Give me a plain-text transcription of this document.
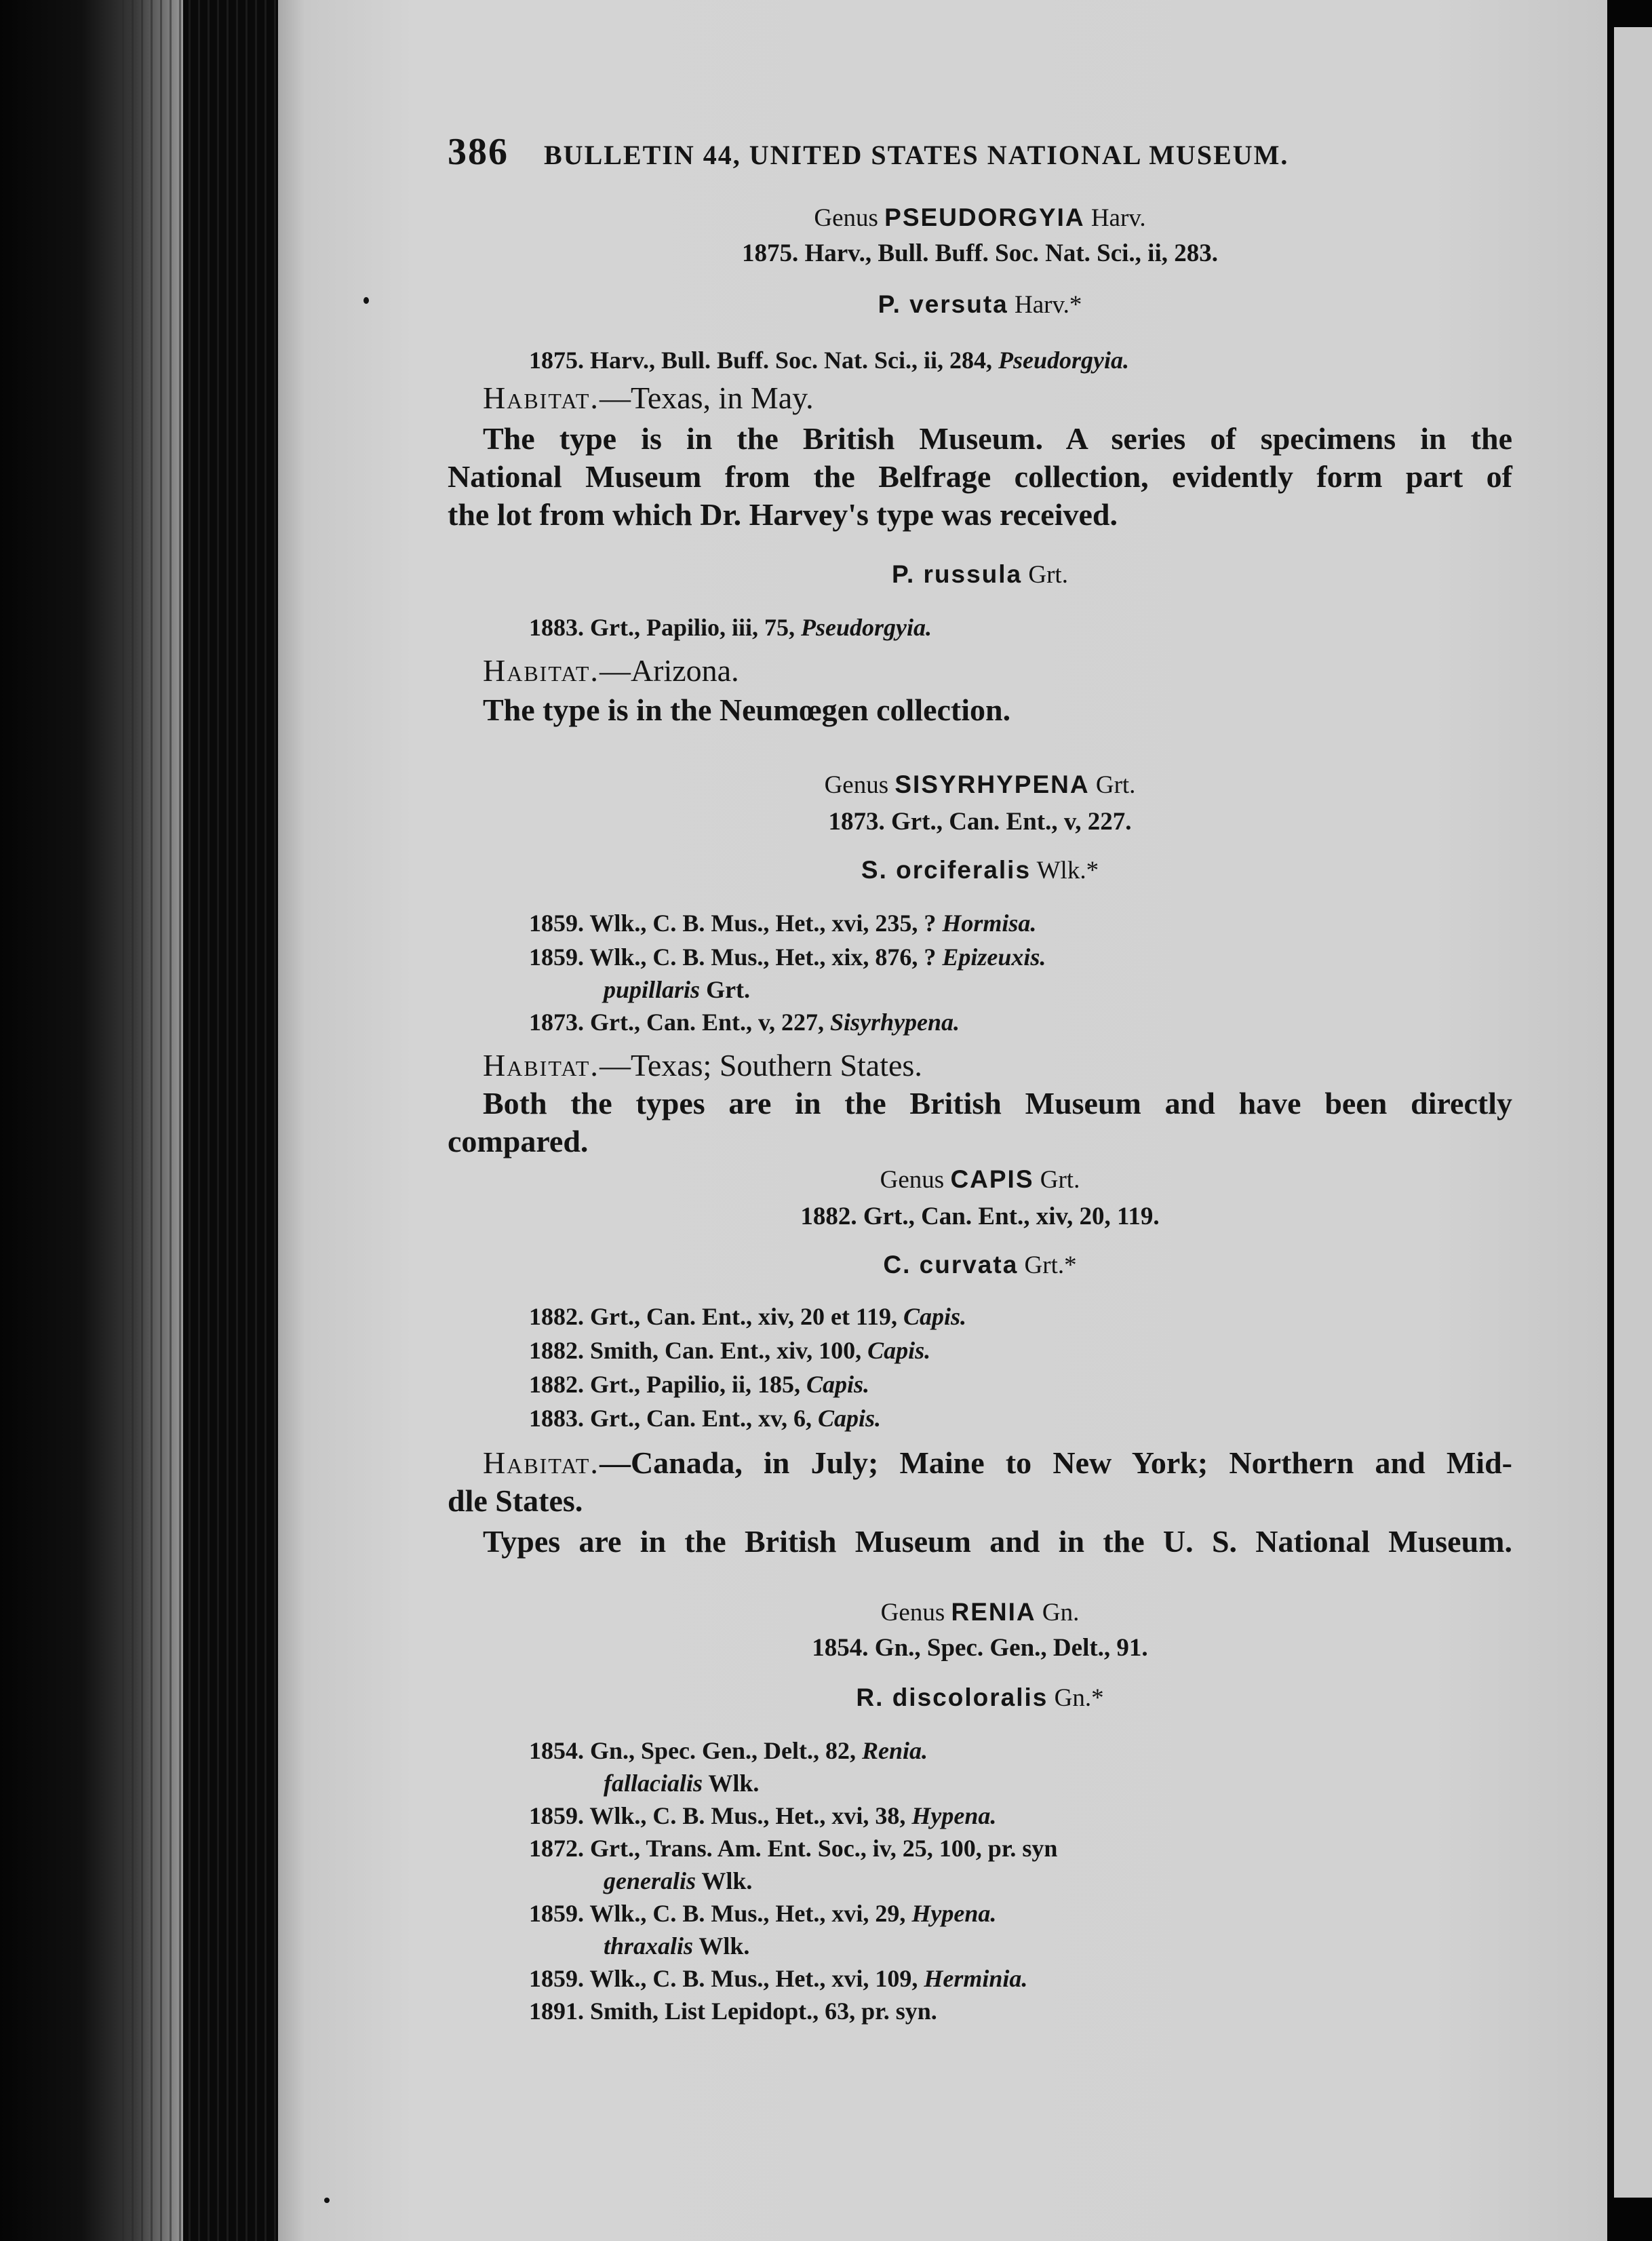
386 BULLETIN 44, UNITED STATES NATIONAL MUSEUM.
Genus PSEUDORGYIA Harv.
1875. Harv., Bull. Buff. Soc. Nat. Sci., ii, 283.
P. versuta Harv.*
1875. Harv., Bull. Buff. Soc. Nat. Sci., ii, 284, Pseudorgyia.
Habitat.—Texas, in May.
The type is in the British Museum. A series of specimens in the
National Museum from the Belfrage collection, evidently form part of
the lot from which Dr. Harvey's type was received.
P. russula Grt.
1883. Grt., Papilio, iii, 75, Pseudorgyia.
Habitat.—Arizona.
The type is in the Neumœgen collection.
Genus SISYRHYPENA Grt.
1873. Grt., Can. Ent., v, 227.
S. orciferalis Wlk.*
1859. Wlk., C. B. Mus., Het., xvi, 235, ? Hormisa.
1859. Wlk., C. B. Mus., Het., xix, 876, ? Epizeuxis.
pupillaris Grt.
1873. Grt., Can. Ent., v, 227, Sisyrhypena.
Habitat.—Texas; Southern States.
Both the types are in the British Museum and have been directly
compared.
Genus CAPIS Grt.
1882. Grt., Can. Ent., xiv, 20, 119.
C. curvata Grt.*
1882. Grt., Can. Ent., xiv, 20 et 119, Capis.
1882. Smith, Can. Ent., xiv, 100, Capis.
1882. Grt., Papilio, ii, 185, Capis.
1883. Grt., Can. Ent., xv, 6, Capis.
Habitat.—Canada, in July; Maine to New York; Northern and Mid-
dle States.
Types are in the British Museum and in the U. S. National Museum.
Genus RENIA Gn.
1854. Gn., Spec. Gen., Delt., 91.
R. discoloralis Gn.*
1854. Gn., Spec. Gen., Delt., 82, Renia.
fallacialis Wlk.
1859. Wlk., C. B. Mus., Het., xvi, 38, Hypena.
1872. Grt., Trans. Am. Ent. Soc., iv, 25, 100, pr. syn
generalis Wlk.
1859. Wlk., C. B. Mus., Het., xvi, 29, Hypena.
thraxalis Wlk.
1859. Wlk., C. B. Mus., Het., xvi, 109, Herminia.
1891. Smith, List Lepidopt., 63, pr. syn.
